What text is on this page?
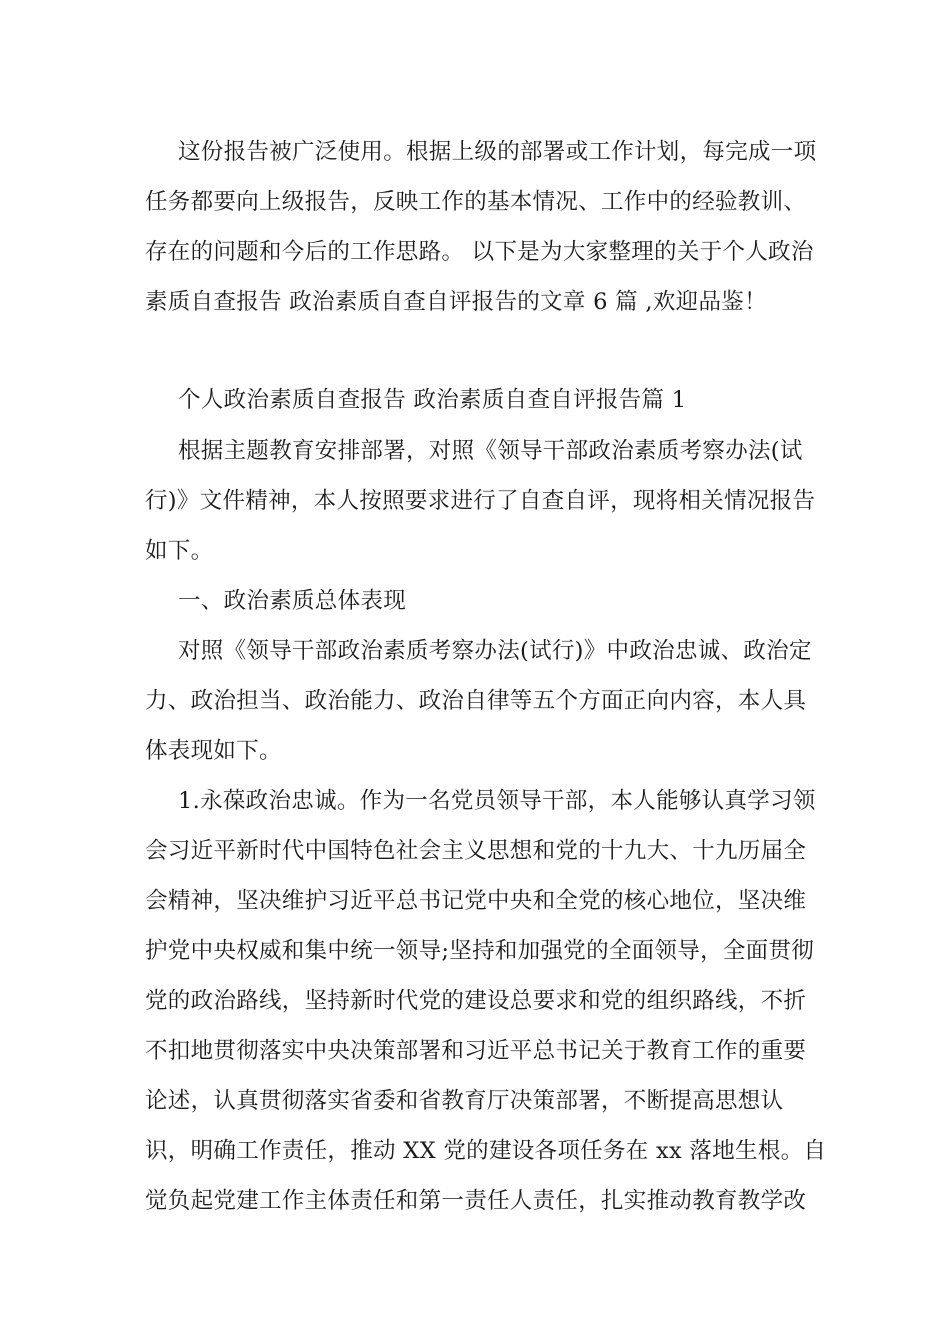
这份报告被广泛使用。根据上级的部署或工作计划，每完成一项
任务都要向上级报告，反映工作的基本情况、工作中的经验教训、
存在的问题和今后的工作思路。 以下是为大家整理的关于个人政治
素质自查报告 政治素质自查自评报告的文章 6 篇 ,欢迎品鉴！
个人政治素质自查报告 政治素质自查自评报告篇 1
根据主题教育安排部署，对照《领导干部政治素质考察办法(试
行)》文件精神，本人按照要求进行了自查自评，现将相关情况报告
如下。
一、政治素质总体表现
对照《领导干部政治素质考察办法(试行)》中政治忠诚、政治定
力、政治担当、政治能力、政治自律等五个方面正向内容，本人具
体表现如下。
1.永葆政治忠诚。作为一名党员领导干部，本人能够认真学习领
会习近平新时代中国特色社会主义思想和党的十九大、十九历届全
会精神，坚决维护习近平总书记党中央和全党的核心地位，坚决维
护党中央权威和集中统一领导;坚持和加强党的全面领导，全面贯彻
党的政治路线，坚持新时代党的建设总要求和党的组织路线，不折
不扣地贯彻落实中央决策部署和习近平总书记关于教育工作的重要
论述，认真贯彻落实省委和省教育厅决策部署，不断提高思想认
识，明确工作责任，推动 XX 党的建设各项任务在 xx 落地生根。自
觉负起党建工作主体责任和第一责任人责任，扎实推动教育教学改
